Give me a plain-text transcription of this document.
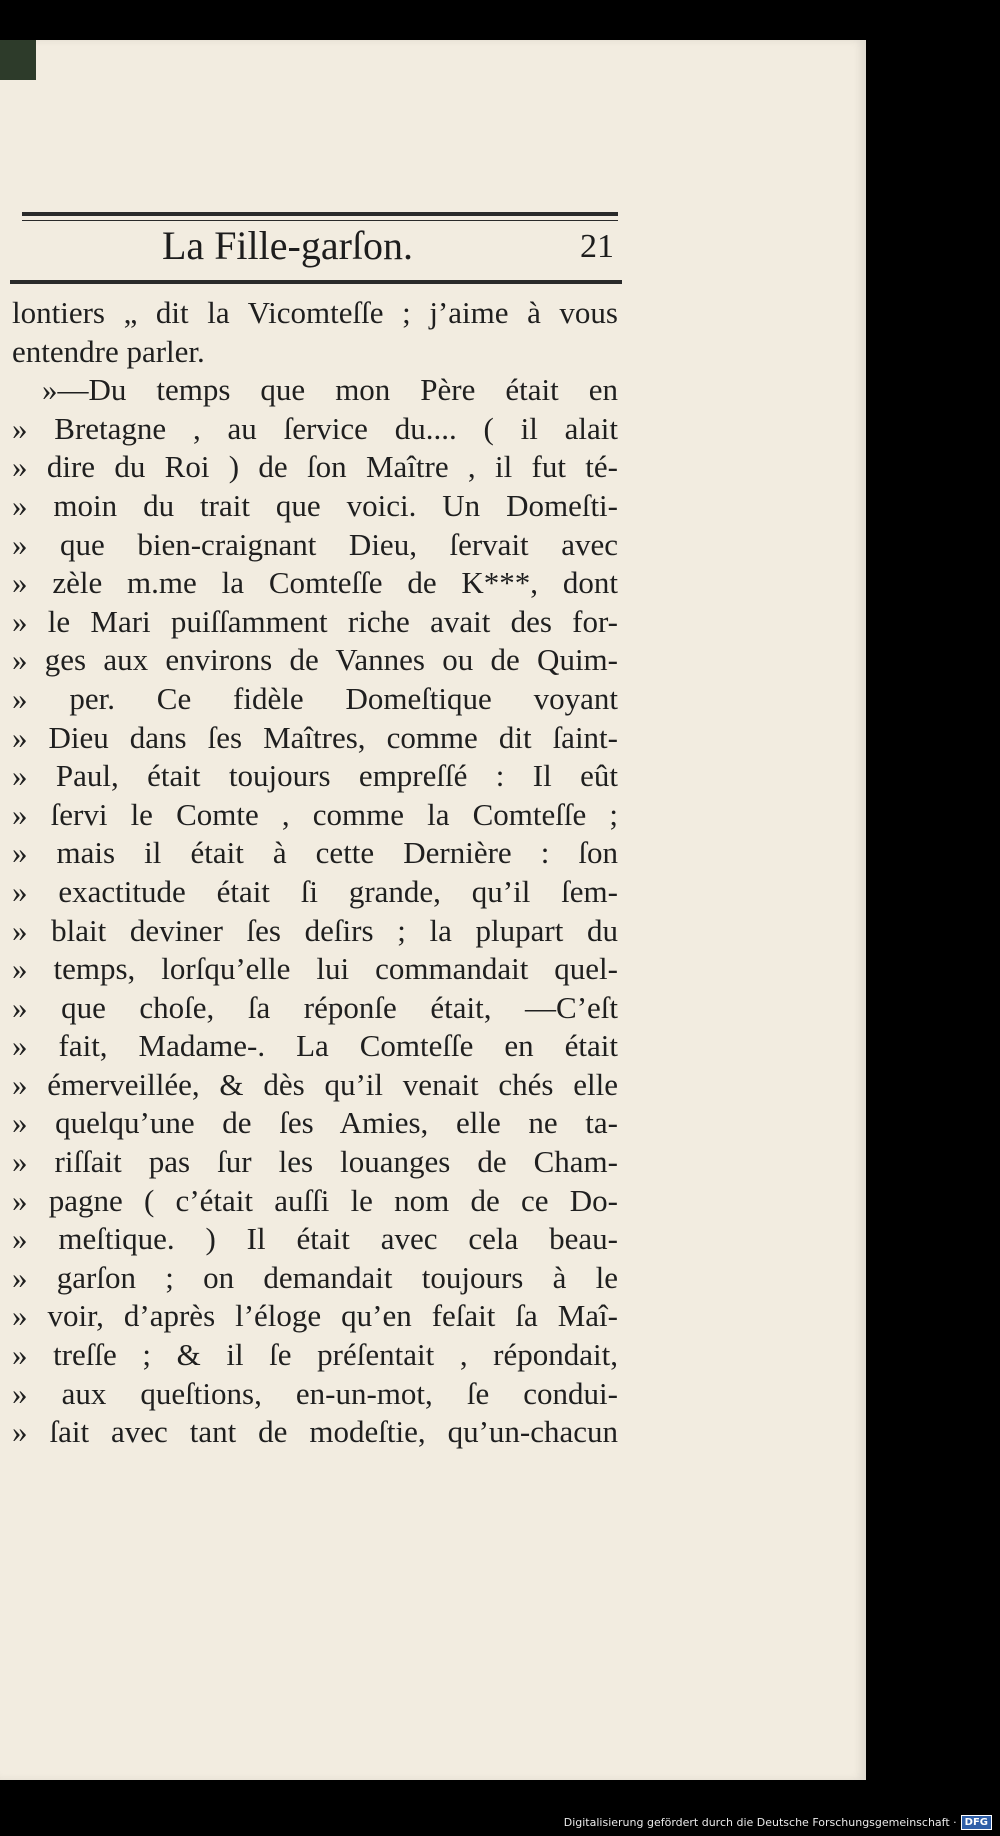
La Fille-garſon.	21
lontiers „ dit la Vicomteſſe ; j’aime à vous
entendre parler.
»—Du temps que mon Père était en
» Bretagne , au ſervice du.... ( il alait
» dire du Roi ) de ſon Maître , il fut té-
» moin du trait que voici. Un Domeſti-
» que bien-craignant Dieu, ſervait avec
» zèle m.me la Comteſſe de K***, dont
» le Mari puiſſamment riche avait des for-
» ges aux environs de Vannes ou de Quim-
» per. Ce fidèle Domeſtique voyant
» Dieu dans ſes Maîtres, comme dit ſaint-
» Paul, était toujours empreſſé : Il eût
» ſervi le Comte , comme la Comteſſe ;
» mais il était à cette Dernière : ſon
» exactitude était ſi grande, qu’il ſem-
» blait deviner ſes deſirs ; la plupart du
» temps, lorſqu’elle lui commandait quel-
» que choſe, ſa réponſe était, —C’eſt
» fait, Madame-. La Comteſſe en était
» émerveillée, & dès qu’il venait chés elle
» quelqu’une de ſes Amies, elle ne ta-
» riſſait pas ſur les louanges de Cham-
» pagne ( c’était auſſi le nom de ce Do-
» meſtique. ) Il était avec cela beau-
» garſon ; on demandait toujours à le
» voir, d’après l’éloge qu’en feſait ſa Maî-
» treſſe ; & il ſe préſentait , répondait,
» aux queſtions, en-un-mot, ſe condui-
» ſait avec tant de modeſtie, qu’un-chacun
Digitalisierung gefördert durch die Deutsche Forschungsgemeinschaft · DFG
